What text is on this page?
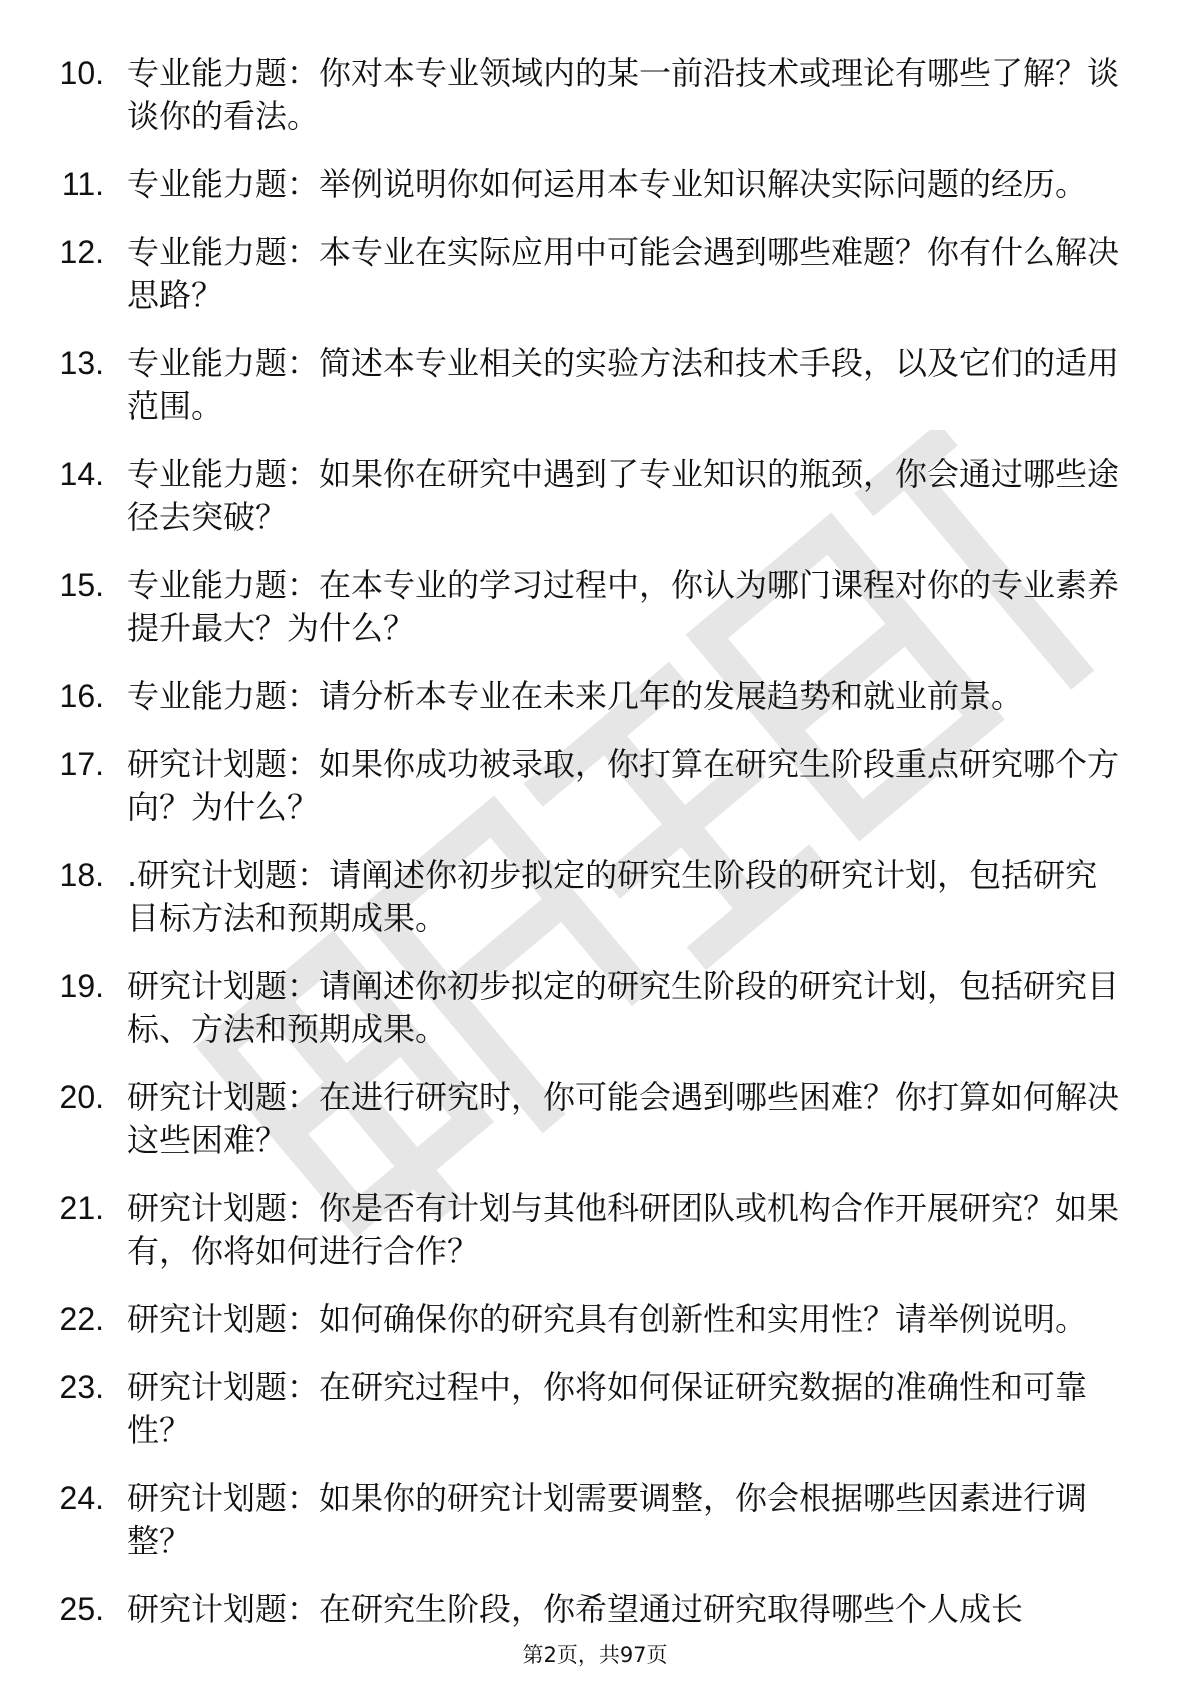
10. 专业能力题：你对本专业领域内的某一前沿技术或理论有哪些了解？谈谈你的看法。
11. 专业能力题：举例说明你如何运用本专业知识解决实际问题的经历。
12. 专业能力题：本专业在实际应用中可能会遇到哪些难题？你有什么解决思路？
13. 专业能力题：简述本专业相关的实验方法和技术手段，以及它们的适用范围。
14. 专业能力题：如果你在研究中遇到了专业知识的瓶颈，你会通过哪些途径去突破？
15. 专业能力题：在本专业的学习过程中，你认为哪门课程对你的专业素养提升最大？为什么？
16. 专业能力题：请分析本专业在未来几年的发展趋势和就业前景。
17. 研究计划题：如果你成功被录取，你打算在研究生阶段重点研究哪个方向？为什么？
18. .研究计划题：请阐述你初步拟定的研究生阶段的研究计划，包括研究目标方法和预期成果。
19. 研究计划题：请阐述你初步拟定的研究生阶段的研究计划，包括研究目标、方法和预期成果。
20. 研究计划题：在进行研究时，你可能会遇到哪些困难？你打算如何解决这些困难？
21. 研究计划题：你是否有计划与其他科研团队或机构合作开展研究？如果有，你将如何进行合作？
22. 研究计划题：如何确保你的研究具有创新性和实用性？请举例说明。
23. 研究计划题：在研究过程中，你将如何保证研究数据的准确性和可靠性？
24. 研究计划题：如果你的研究计划需要调整，你会根据哪些因素进行调整？
25. 研究计划题：在研究生阶段，你希望通过研究取得哪些个人成长
第2页，共97页
